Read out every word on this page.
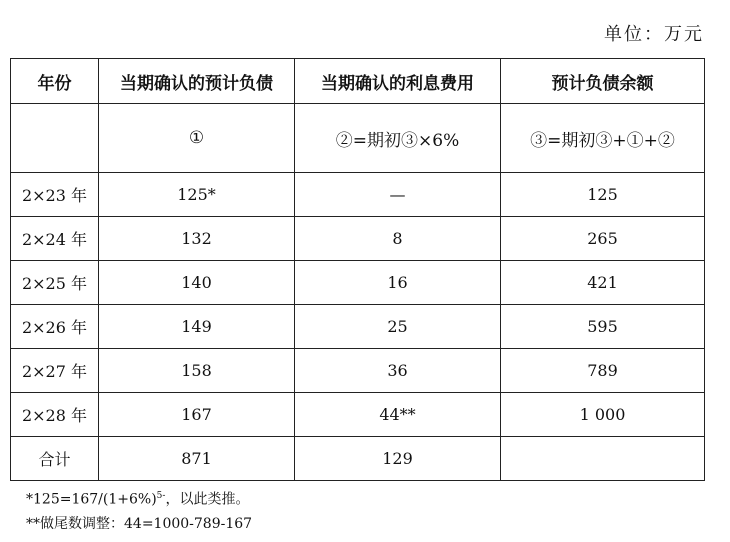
单位：万元
年份	当期确认的预计负债	当期确认的利息费用	预计负债余额
	①	②=期初③×6%	③=期初③+①+②
2×23 年	125*	—	125
2×24 年	132	8	265
2×25 年	140	16	421
2×26 年	149	25	595
2×27 年	158	36	789
2×28 年	167	44**	1 000
合计	871	129	
$*125=167/(1+6\%)^{5-}$，以此类推。
**做尾数调整：44=1000-789-167
